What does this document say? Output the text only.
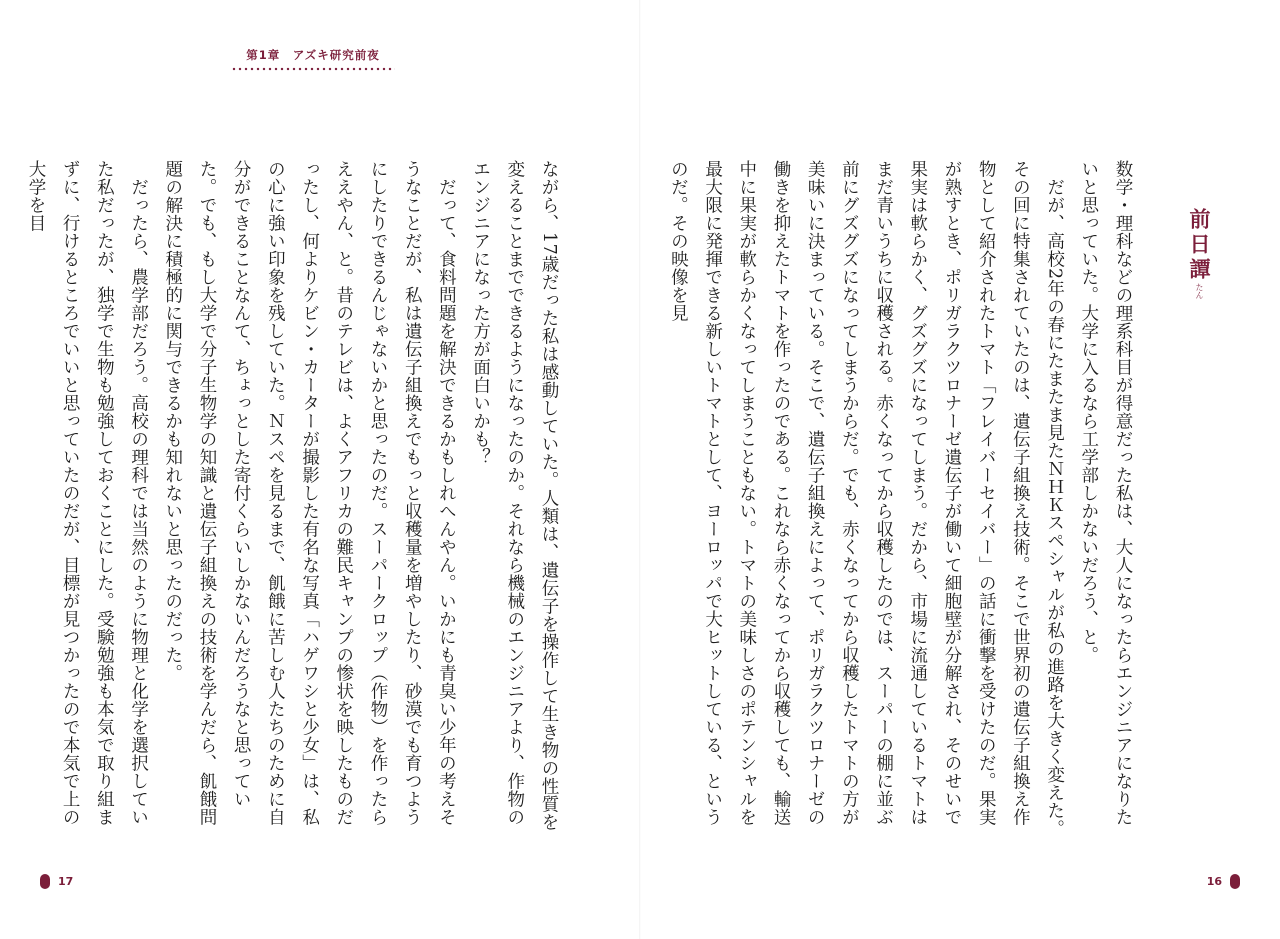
第1章　アズキ研究前夜
前日譚たん

数学・理科などの理系科目が得意だった私は、大人になったらエンジニアになりたいと思っていた。大学に入るなら工学部しかないだろう、と。

だが、高校2年の春にたまたま見たＮＨＫスペシャルが私の進路を大きく変えた。その回に特集されていたのは、遺伝子組換え技術。そこで世界初の遺伝子組換え作物として紹介されたトマト「フレイバーセイバー」の話に衝撃を受けたのだ。果実が熟すとき、ポリガラクツロナーゼ遺伝子が働いて細胞壁が分解され、そのせいで果実は軟らかく、グズグズになってしまう。だから、市場に流通しているトマトはまだ青いうちに収穫される。赤くなってから収穫したのでは、スーパーの棚に並ぶ前にグズグズになってしまうからだ。でも、赤くなってから収穫したトマトの方が美味いに決まっている。そこで、遺伝子組換えによって、ポリガラクツロナーゼの働きを抑えたトマトを作ったのである。これなら赤くなってから収穫しても、輸送中に果実が軟らかくなってしまうこともない。トマトの美味しさのポテンシャルを最大限に発揮できる新しいトマトとして、ヨーロッパで大ヒットしている、というのだ。その映像を見

ながら、17歳だった私は感動していた。人類は、遺伝子を操作して生き物の性質を変えることまでできるようになったのか。それなら機械のエンジニアより、作物のエンジニアになった方が面白いかも？

だって、食料問題を解決できるかもしれへんやん。いかにも青臭い少年の考えそうなことだが、私は遺伝子組換えでもっと収穫量を増やしたり、砂漠でも育つようにしたりできるんじゃないかと思ったのだ。スーパークロップ（作物）を作ったらええやん、と。昔のテレビは、よくアフリカの難民キャンプの惨状を映したものだったし、何よりケビン・カーターが撮影した有名な写真「ハゲワシと少女」は、私の心に強い印象を残していた。Ｎスペを見るまで、飢餓に苦しむ人たちのために自分ができることなんて、ちょっとした寄付くらいしかないんだろうなと思っていた。でも、もし大学で分子生物学の知識と遺伝子組換えの技術を学んだら、飢餓問題の解決に積極的に関与できるかも知れないと思ったのだった。

だったら、農学部だろう。高校の理科では当然のように物理と化学を選択していた私だったが、独学で生物も勉強しておくことにした。受験勉強も本気で取り組まずに、行けるところでいいと思っていたのだが、目標が見つかったので本気で上の大学を目

17	16
